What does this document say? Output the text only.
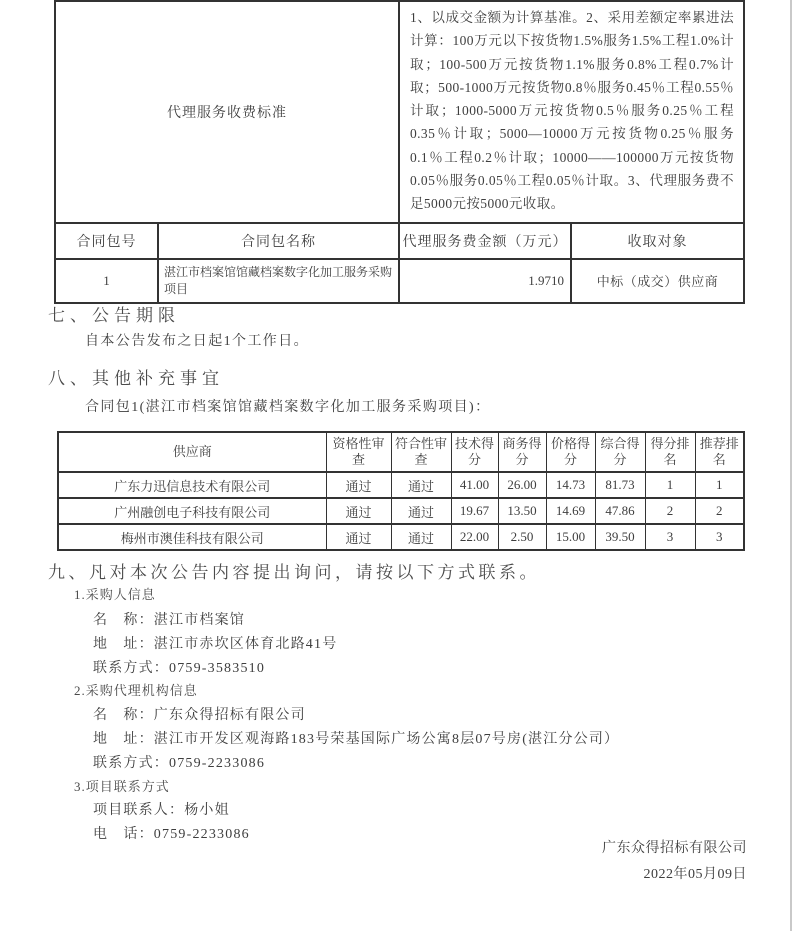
代理服务收费标准		1、以成交金额为计算基准。2、采用差额定率累进法计算：100万元以下按货物1.5%服务1.5%工程1.0%计取；100-500万元按货物1.1%服务0.8%工程0.7%计取；500-1000万元按货物0.8％服务0.45％工程0.55％计取；1000-5000万元按货物0.5％服务0.25％工程0.35％计取；5000—10000万元按货物0.25％服务0.1％工程0.2％计取；10000——100000万元按货物0.05％服务0.05％工程0.05％计取。3、代理服务费不足5000元按5000元收取。	
合同包号	合同包名称	代理服务费金额（万元）	收取对象
1	湛江市档案馆馆藏档案数字化加工服务采购项目	1.9710	中标（成交）供应商
七、公告期限
自本公告发布之日起1个工作日。
八、其他补充事宜
合同包1(湛江市档案馆馆藏档案数字化加工服务采购项目)：
供应商	资格性审查	符合性审查	技术得分	商务得分	价格得分	综合得分	得分排名	推荐排名
广东力迅信息技术有限公司	通过	通过	41.00	26.00	14.73	81.73	1	1
广州融创电子科技有限公司	通过	通过	19.67	13.50	14.69	47.86	2	2
梅州市澳佳科技有限公司	通过	通过	22.00	2.50	15.00	39.50	3	3
九、凡对本次公告内容提出询问，请按以下方式联系。
1.采购人信息
名　称：湛江市档案馆
地　址：湛江市赤坎区体育北路41号
联系方式：0759-3583510
2.采购代理机构信息
名　称：广东众得招标有限公司
地　址：湛江市开发区观海路183号荣基国际广场公寓8层07号房(湛江分公司）
联系方式：0759-2233086
3.项目联系方式
项目联系人：杨小姐
电　话：0759-2233086
广东众得招标有限公司
2022年05月09日
